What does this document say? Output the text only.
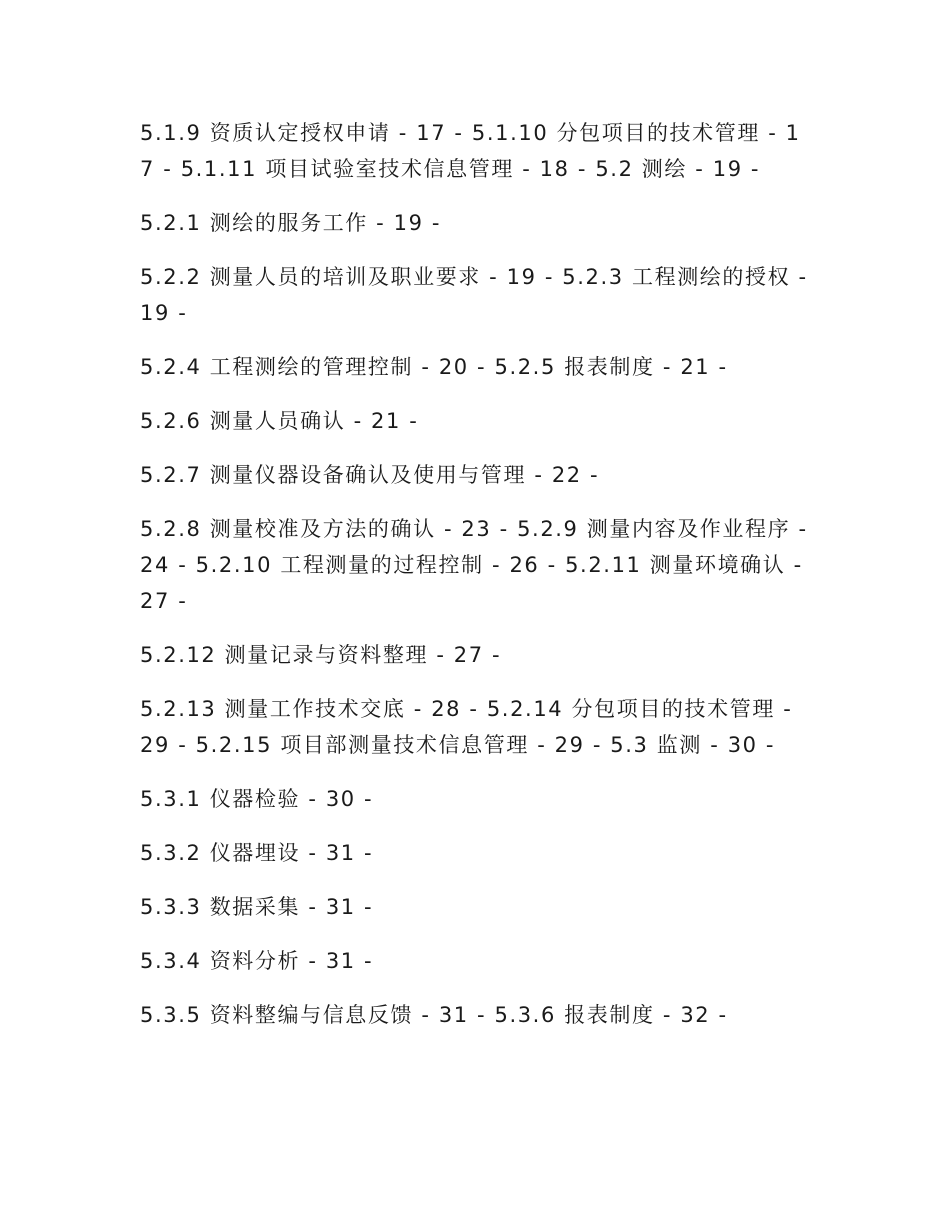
5.1.9 资质认定授权申请 - 17 - 5.1.10 分包项目的技术管理 - 17 - 5.1.11 项目试验室技术信息管理 - 18 - 5.2 测绘 - 19 -

5.2.1 测绘的服务工作 - 19 -

5.2.2 测量人员的培训及职业要求 - 19 - 5.2.3 工程测绘的授权 - 19 -

5.2.4 工程测绘的管理控制 - 20 - 5.2.5 报表制度 - 21 -

5.2.6 测量人员确认 - 21 -

5.2.7 测量仪器设备确认及使用与管理 - 22 -

5.2.8 测量校准及方法的确认 - 23 - 5.2.9 测量内容及作业程序 - 24 - 5.2.10 工程测量的过程控制 - 26 - 5.2.11 测量环境确认 - 27 -

5.2.12 测量记录与资料整理 - 27 -

5.2.13 测量工作技术交底 - 28 - 5.2.14 分包项目的技术管理 - 29 - 5.2.15 项目部测量技术信息管理 - 29 - 5.3 监测 - 30 -

5.3.1 仪器检验 - 30 -

5.3.2 仪器埋设 - 31 -

5.3.3 数据采集 - 31 -

5.3.4 资料分析 - 31 -

5.3.5 资料整编与信息反馈 - 31 - 5.3.6 报表制度 - 32 -
